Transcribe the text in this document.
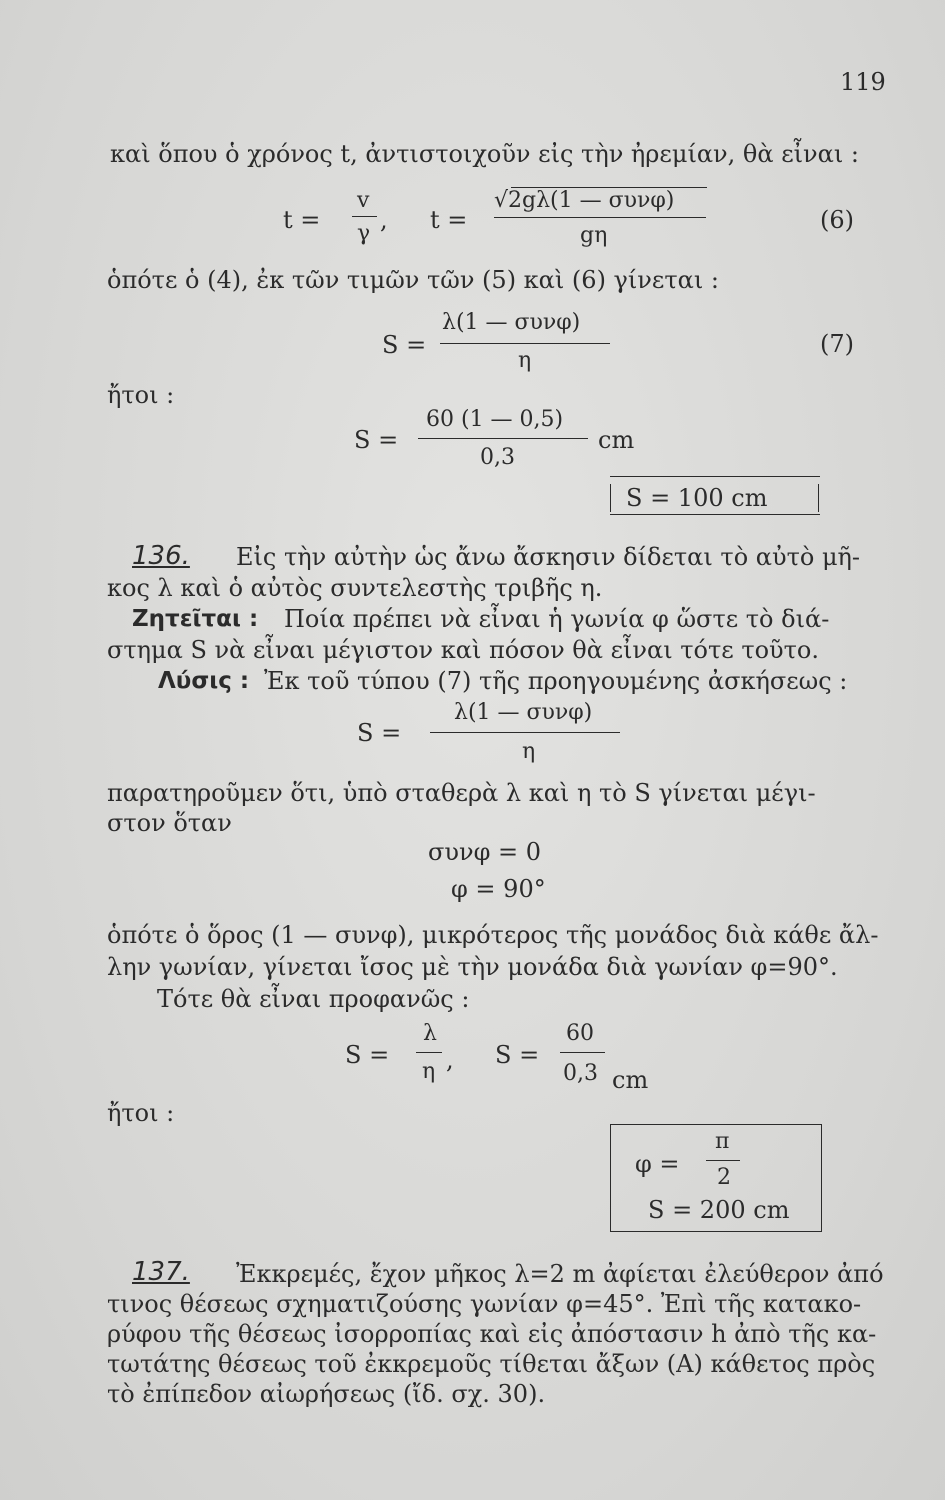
119
καὶ ὅπου ὁ χρόνος t, ἀντιστοιχοῦν εἰς τὴν ἠρεμίαν, θὰ εἶναι :
t =
v
γ , t =
√2gλ(1 — συνφ)
gη
(6)
ὁπότε ὁ (4), ἐκ τῶν τιμῶν τῶν (5) καὶ (6) γίνεται :
S =
λ(1 — συνφ)
η
(7)
ἤτοι :
S =
60 (1 — 0,5)
0,3
cm
S = 100 cm
136. Εἰς τὴν αὐτὴν ὡς ἄνω ἄσκησιν δίδεται τὸ αὐτὸ μῆ-
κος λ καὶ ὁ αὐτὸς συντελεστὴς τριβῆς η.
Ζητεῖται : Ποία πρέπει νὰ εἶναι ἡ γωνία φ ὥστε τὸ διά-
στημα S νὰ εἶναι μέγιστον καὶ πόσον θὰ εἶναι τότε τοῦτο.
Λύσις : Ἐκ τοῦ τύπου (7) τῆς προηγουμένης ἀσκήσεως :
S =
λ(1 — συνφ)
η
παρατηροῦμεν ὅτι, ὑπὸ σταθερὰ λ καὶ η τὸ S γίνεται μέγι-
στον ὅταν
συνφ = 0
φ = 90°
ὁπότε ὁ ὅρος (1 — συνφ), μικρότερος τῆς μονάδος διὰ κάθε ἄλ-
λην γωνίαν, γίνεται ἴσος μὲ τὴν μονάδα διὰ γωνίαν φ=90°.
Τότε θὰ εἶναι προφανῶς :
S =
λ
η , S =
60
0,3 cm
ἤτοι :
φ =
π
2
S = 200 cm
137. Ἐκκρεμές, ἔχον μῆκος λ=2 m ἀφίεται ἐλεύθερον ἀπό
τινος θέσεως σχηματιζούσης γωνίαν φ=45°. Ἐπὶ τῆς κατακο-
ρύφου τῆς θέσεως ἰσορροπίας καὶ εἰς ἀπόστασιν h ἀπὸ τῆς κα-
τωτάτης θέσεως τοῦ ἐκκρεμοῦς τίθεται ἄξων (Α) κάθετος πρὸς
τὸ ἐπίπεδον αἰωρήσεως (ἴδ. σχ. 30).
